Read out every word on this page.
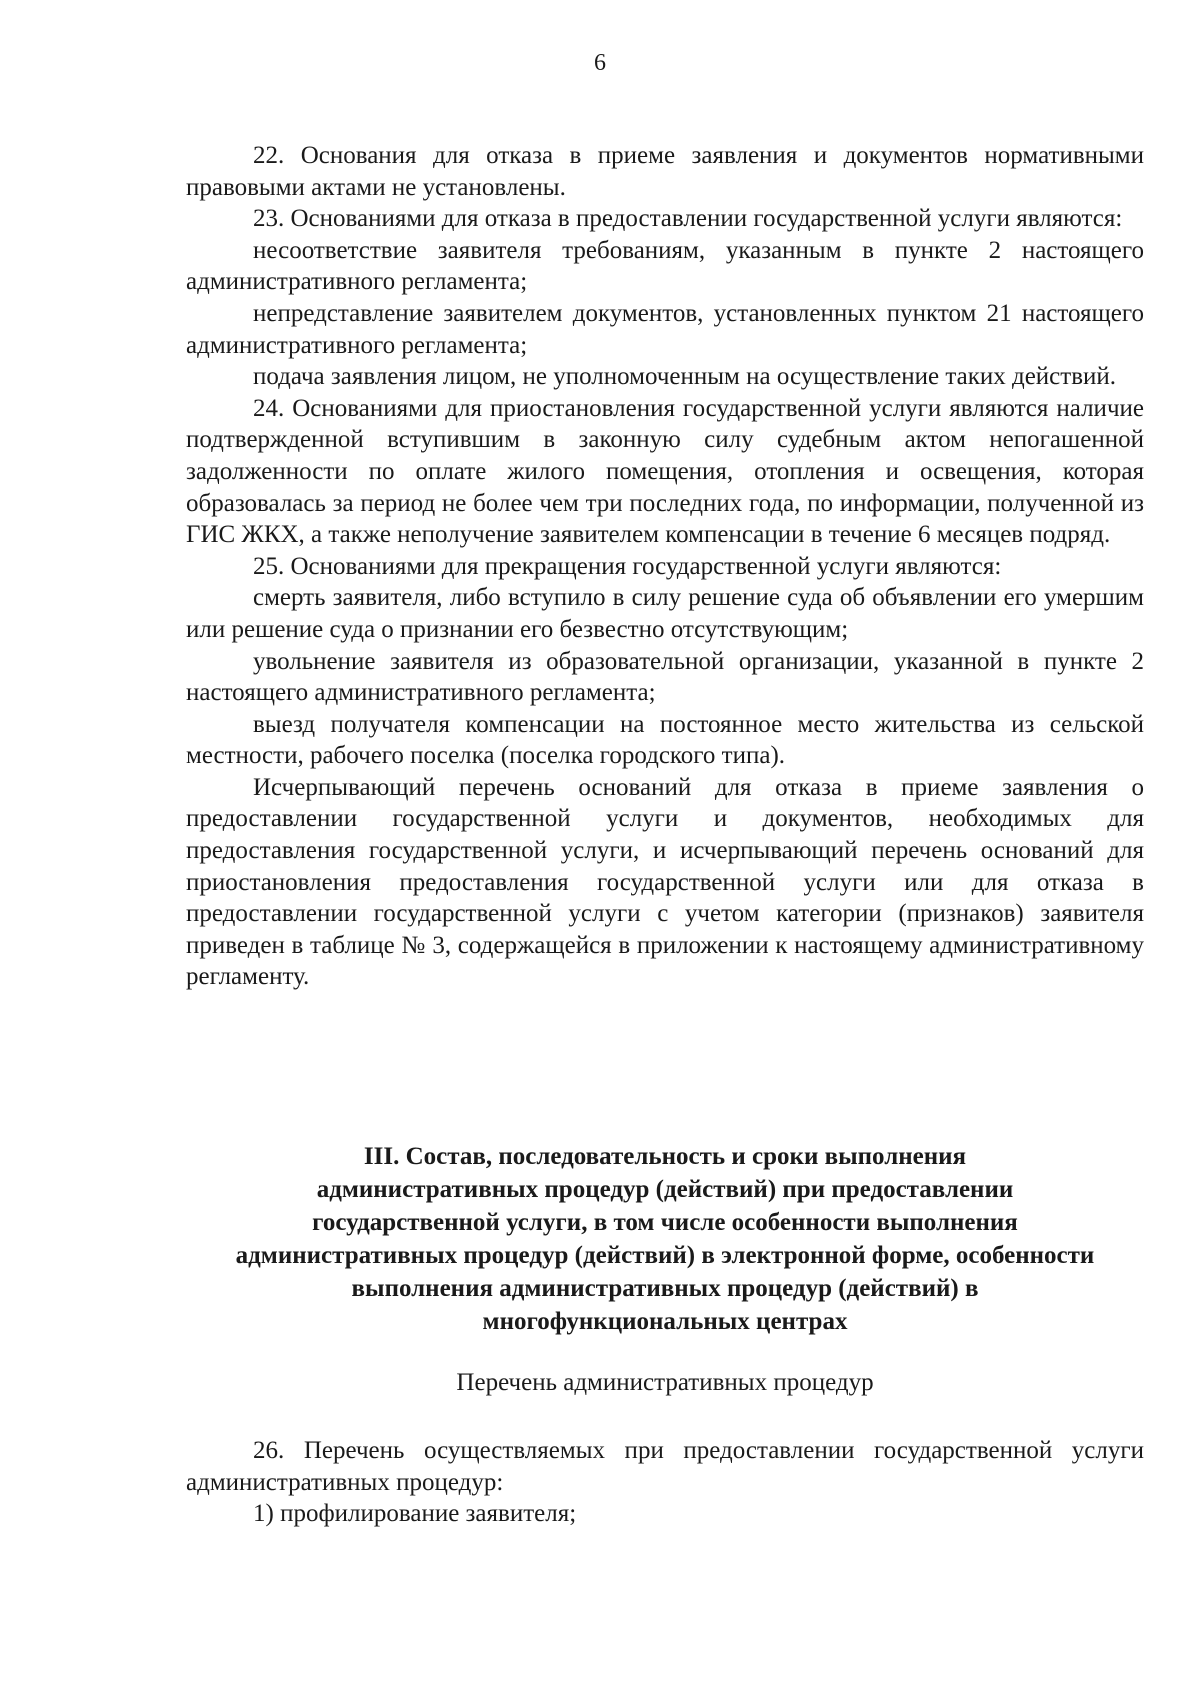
6

22. Основания для отказа в приеме заявления и документов нормативными правовыми актами не установлены.

23. Основаниями для отказа в предоставлении государственной услуги являются:

несоответствие заявителя требованиям, указанным в пункте 2 настоящего административного регламента;

непредставление заявителем документов, установленных пунктом 21 настоящего административного регламента;

подача заявления лицом, не уполномоченным на осуществление таких действий.

24. Основаниями для приостановления государственной услуги являются наличие подтвержденной вступившим в законную силу судебным актом непогашенной задолженности по оплате жилого помещения, отопления и освещения, которая образовалась за период не более чем три последних года, по информации, полученной из ГИС ЖКХ, а также неполучение заявителем компенсации в течение 6 месяцев подряд.

25. Основаниями для прекращения государственной услуги являются:

смерть заявителя, либо вступило в силу решение суда об объявлении его умершим или решение суда о признании его безвестно отсутствующим;

увольнение заявителя из образовательной организации, указанной в пункте 2 настоящего административного регламента;

выезд получателя компенсации на постоянное место жительства из сельской местности, рабочего поселка (поселка городского типа).

Исчерпывающий перечень оснований для отказа в приеме заявления о предоставлении государственной услуги и документов, необходимых для предоставления государственной услуги, и исчерпывающий перечень оснований для приостановления предоставления государственной услуги или для отказа в предоставлении государственной услуги с учетом категории (признаков) заявителя приведен в таблице № 3, содержащейся в приложении к настоящему административному регламенту.

III. Состав, последовательность и сроки выполнения
административных процедур (действий) при предоставлении
государственной услуги, в том числе особенности выполнения
административных процедур (действий) в электронной форме, особенности
выполнения административных процедур (действий) в
многофункциональных центрах

Перечень административных процедур

26. Перечень осуществляемых при предоставлении государственной услуги административных процедур:

1) профилирование заявителя;
